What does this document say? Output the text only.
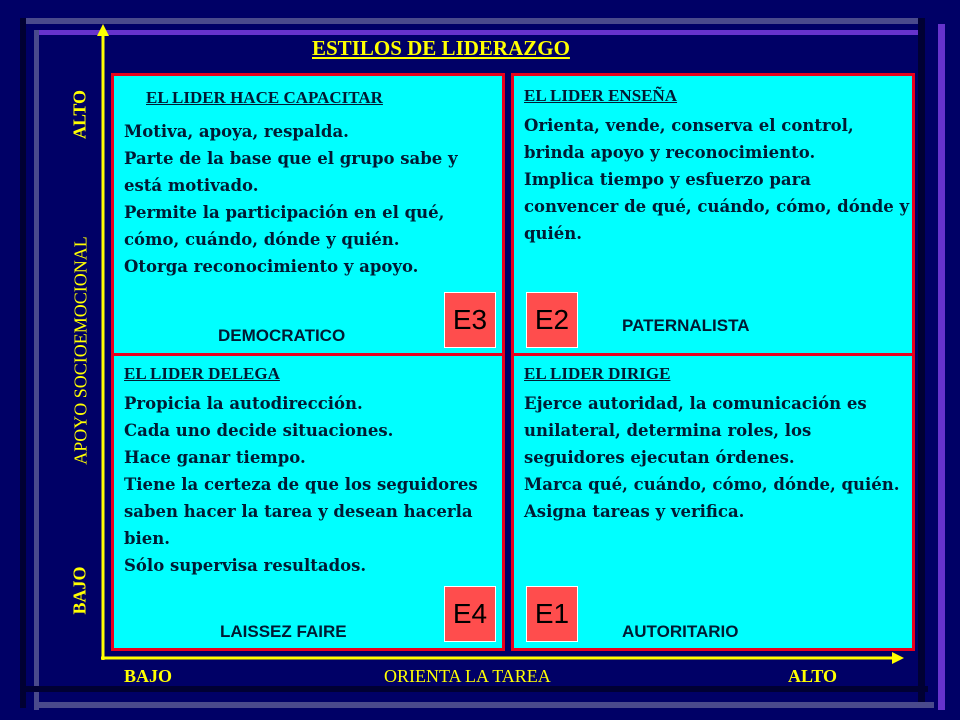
ESTILOS DE LIDERAZGO
ALTO
APOYO SOCIOEMOCIONAL
BAJO
BAJO	ORIENTA LA TAREA	ALTO
EL LIDER HACE CAPACITAR
Motiva, apoya, respalda.
Parte de la base que el grupo sabe y está motivado.
Permite la participación en el qué, cómo, cuándo, dónde y quién.
Otorga reconocimiento y apoyo.
DEMOCRATICO
EL LIDER ENSEÑA
Orienta, vende, conserva el control, brinda apoyo y reconocimiento.
Implica tiempo y esfuerzo para convencer de qué, cuándo, cómo, dónde y quién.
PATERNALISTA
EL LIDER DELEGA
Propicia la autodirección.
Cada uno decide situaciones.
Hace ganar tiempo.
Tiene la certeza de que los seguidores saben hacer la tarea y desean hacerla bien.
Sólo supervisa resultados.
LAISSEZ FAIRE
EL LIDER DIRIGE
Ejerce autoridad, la comunicación es unilateral, determina roles, los seguidores ejecutan órdenes.
Marca qué, cuándo, cómo, dónde, quién.
Asigna tareas y verifica.
AUTORITARIO
E3	E2
E4	E1
